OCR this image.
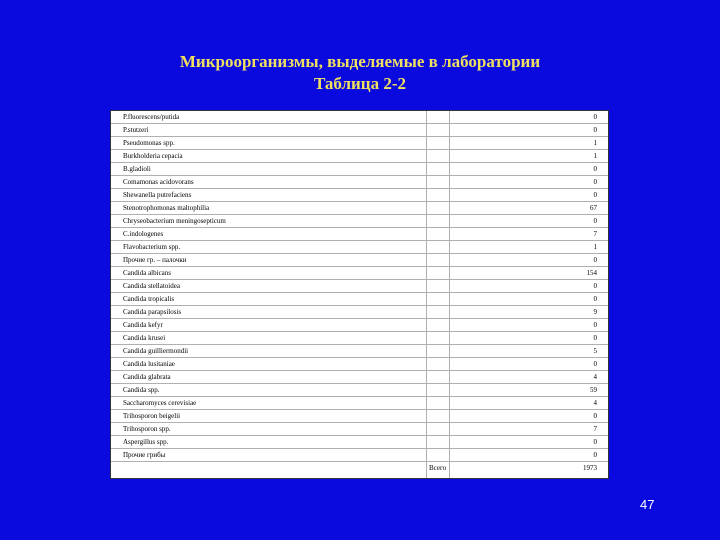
Микроорганизмы, выделяемые в лаборатории
Таблица 2-2
P.fluorescens/putida	0
P.stutzeri	0
Pseudomonas spp.	1
Burkholderia cepacia	1
B.gladioli	0
Comamonas acidovorans	0
Shewanella putrefaciens	0
Stenotrophomonas maltophilia	67
Chryseobacterium meningosepticum	0
C.indologenes	7
Flavobacterium spp.	1
Прочие гр. – палочки	0
Candida albicans	154
Candida stellatoidea	0
Candida tropicalis	0
Candida parapsilosis	9
Candida kefyr	0
Candida krusei	0
Candida guilliermondii	5
Candida lusitaniae	0
Candida glabrata	4
Candida spp.	59
Saccharomyces cerevisiae	4
Trihosporon beigelii	0
Trihosporon spp.	7
Aspergillus spp.	0
Прочие грибы	0
Всего	1973
47
